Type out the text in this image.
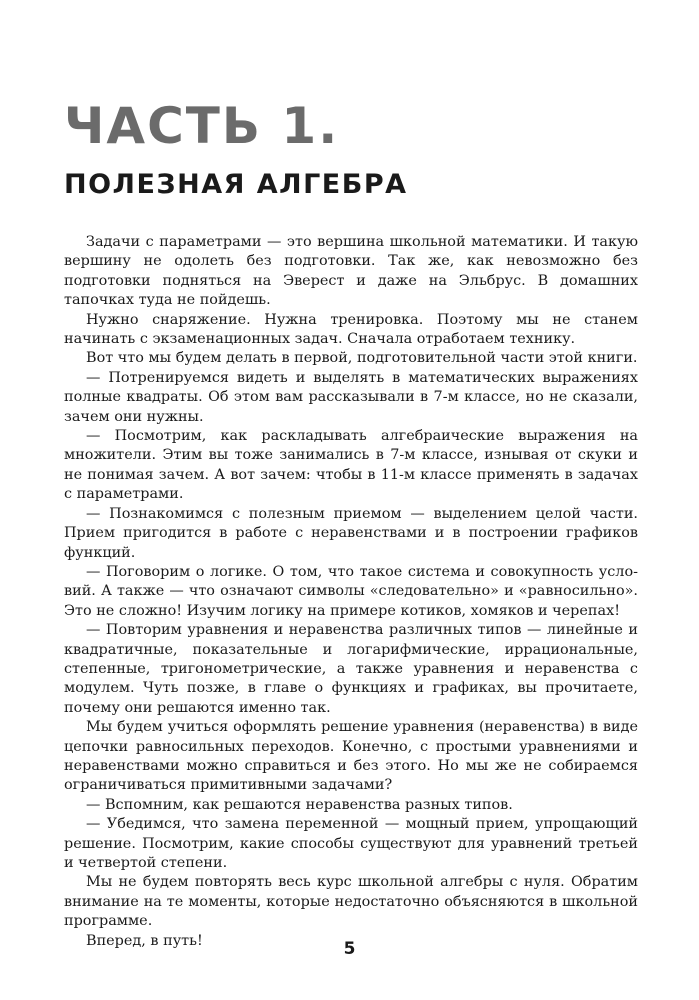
ЧАСТЬ 1.
ПОЛЕЗНАЯ АЛГЕБРА

Задачи с параметрами — это вершина школьной математики. И такую вершину не одолеть без подготовки. Так же, как невозможно без подготовки подняться на Эверест и даже на Эльбрус. В домашних тапочках туда не пойдешь.

Нужно снаряжение. Нужна тренировка. Поэтому мы не станем начинать с экзаменационных задач. Сначала отработаем технику.

Вот что мы будем делать в первой, подготовительной части этой книги.

— Потренируемся видеть и выделять в математических выражениях полные квадраты. Об этом вам рассказывали в 7-м классе, но не сказали, зачем они нужны.

— Посмотрим, как раскладывать алгебраические выражения на множители. Этим вы тоже занимались в 7-м классе, изнывая от скуки и не понимая зачем. А вот зачем: чтобы в 11-м классе применять в задачах с параметрами.

— Познакомимся с полезным приемом — выделением целой части. Прием пригодится в работе с неравенствами и в построении графиков функций.

— Поговорим о логике. О том, что такое система и совокупность условий. А также — что означают символы «следовательно» и «равносильно». Это не сложно! Изучим логику на примере котиков, хомяков и черепах!

— Повторим уравнения и неравенства различных типов — линейные и квадратичные, показательные и логарифмические, иррациональные, степенные, тригонометрические, а также уравнения и неравенства с модулем. Чуть позже, в главе о функциях и графиках, вы прочитаете, почему они решаются именно так.

Мы будем учиться оформлять решение уравнения (неравенства) в виде цепочки равносильных переходов. Конечно, с простыми уравнениями и неравенствами можно справиться и без этого. Но мы же не собираемся ограничиваться примитивными задачами?

— Вспомним, как решаются неравенства разных типов.

— Убедимся, что замена переменной — мощный прием, упрощающий решение. Посмотрим, какие способы существуют для уравнений третьей и четвертой степени.

Мы не будем повторять весь курс школьной алгебры с нуля. Обратим внимание на те моменты, которые недостаточно объясняются в школьной программе.

Вперед, в путь!	5
